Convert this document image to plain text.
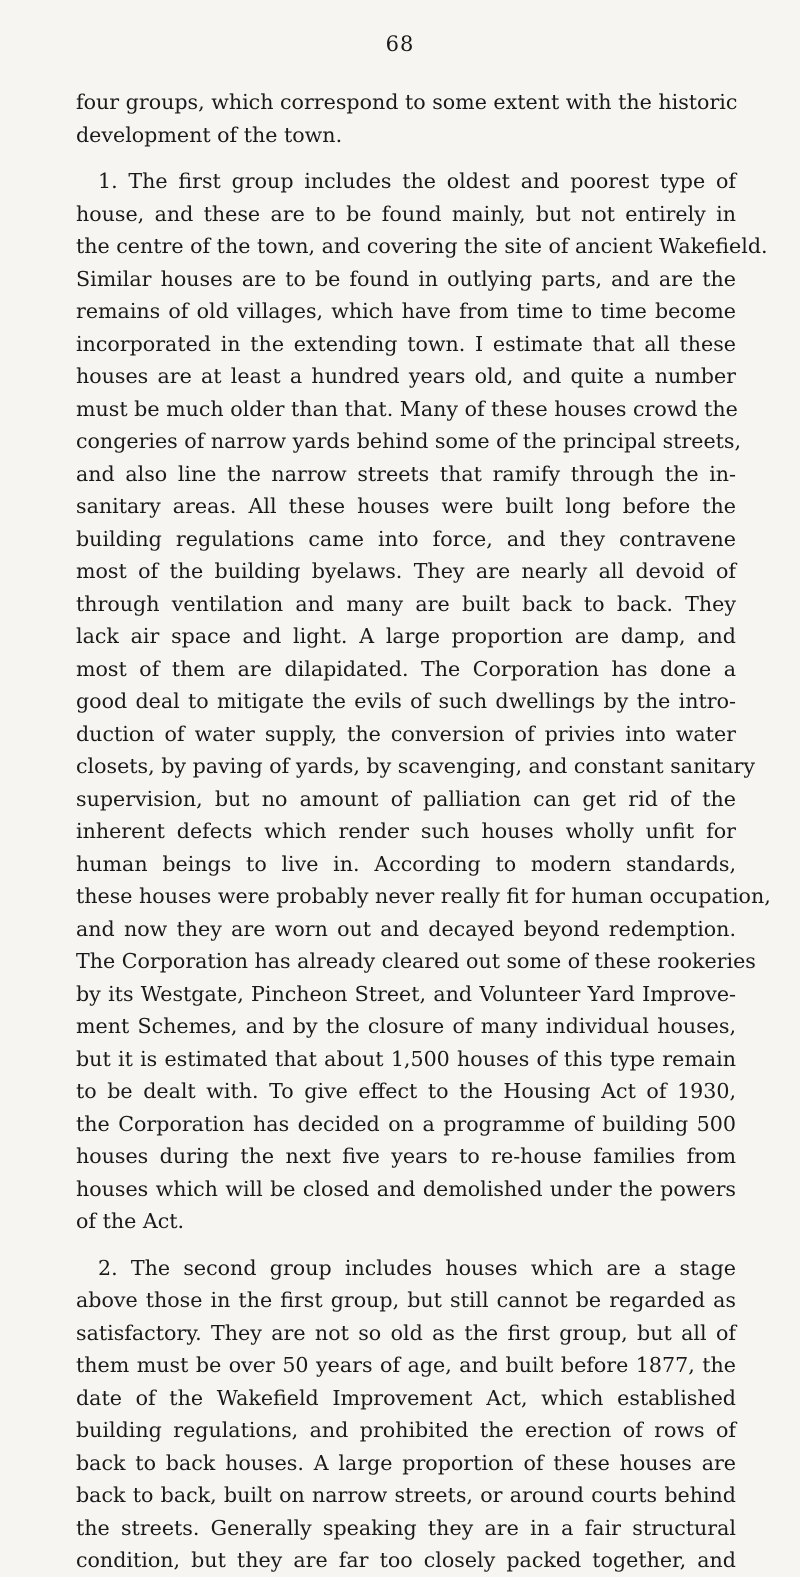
68
four groups, which correspond to some extent with the historic
development of the town.
1. The first group includes the oldest and poorest type of
house, and these are to be found mainly, but not entirely in
the centre of the town, and covering the site of ancient Wakefield.
Similar houses are to be found in outlying parts, and are the
remains of old villages, which have from time to time become
incorporated in the extending town. I estimate that all these
houses are at least a hundred years old, and quite a number
must be much older than that. Many of these houses crowd the
congeries of narrow yards behind some of the principal streets,
and also line the narrow streets that ramify through the in-
sanitary areas. All these houses were built long before the
building regulations came into force, and they contravene
most of the building byelaws. They are nearly all devoid of
through ventilation and many are built back to back. They
lack air space and light. A large proportion are damp, and
most of them are dilapidated. The Corporation has done a
good deal to mitigate the evils of such dwellings by the intro-
duction of water supply, the conversion of privies into water
closets, by paving of yards, by scavenging, and constant sanitary
supervision, but no amount of palliation can get rid of the
inherent defects which render such houses wholly unfit for
human beings to live in. According to modern standards,
these houses were probably never really fit for human occupation,
and now they are worn out and decayed beyond redemption.
The Corporation has already cleared out some of these rookeries
by its Westgate, Pincheon Street, and Volunteer Yard Improve-
ment Schemes, and by the closure of many individual houses,
but it is estimated that about 1,500 houses of this type remain
to be dealt with. To give effect to the Housing Act of 1930,
the Corporation has decided on a programme of building 500
houses during the next five years to re-house families from
houses which will be closed and demolished under the powers
of the Act.
2. The second group includes houses which are a stage
above those in the first group, but still cannot be regarded as
satisfactory. They are not so old as the first group, but all of
them must be over 50 years of age, and built before 1877, the
date of the Wakefield Improvement Act, which established
building regulations, and prohibited the erection of rows of
back to back houses. A large proportion of these houses are
back to back, built on narrow streets, or around courts behind
the streets. Generally speaking they are in a fair structural
condition, but they are far too closely packed together, and
